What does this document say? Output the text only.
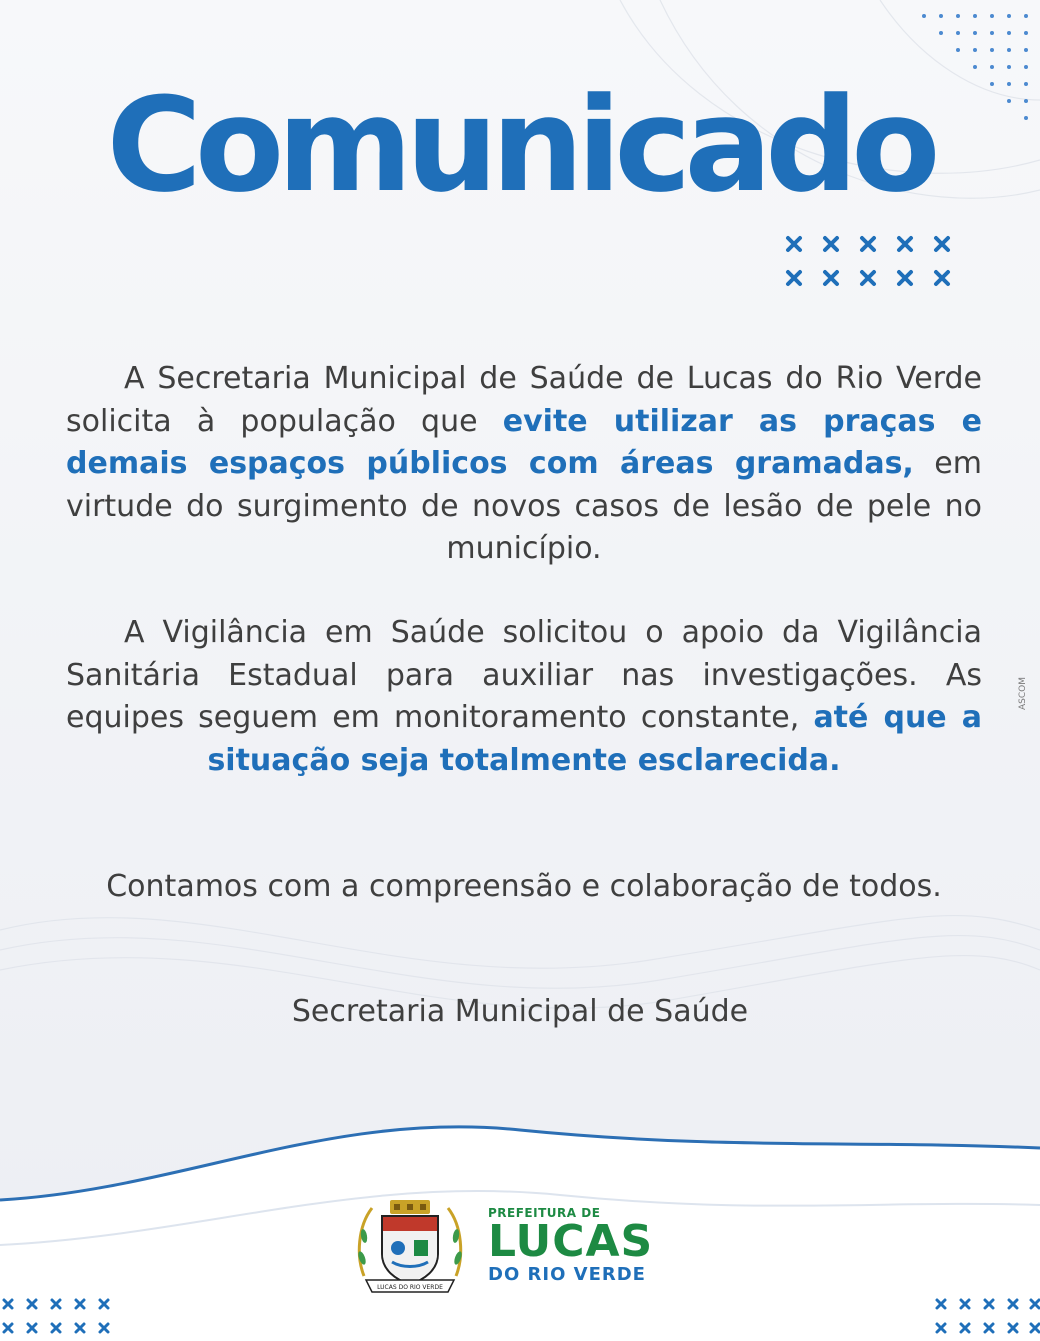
Comunicado
A Secretaria Municipal de Saúde de Lucas do Rio Verde solicita à população que evite utilizar as praças e demais espaços públicos com áreas gramadas, em virtude do surgimento de novos casos de lesão de pele no município.
A Vigilância em Saúde solicitou o apoio da Vigilância Sanitária Estadual para auxiliar nas investigações. As equipes seguem em monitoramento constante, até que a situação seja totalmente esclarecida.
Contamos com a compreensão e colaboração de todos.
Secretaria Municipal de Saúde
ASCOM
LUCAS DO RIO VERDE
PREFEITURA DE
LUCAS
DO RIO VERDE
